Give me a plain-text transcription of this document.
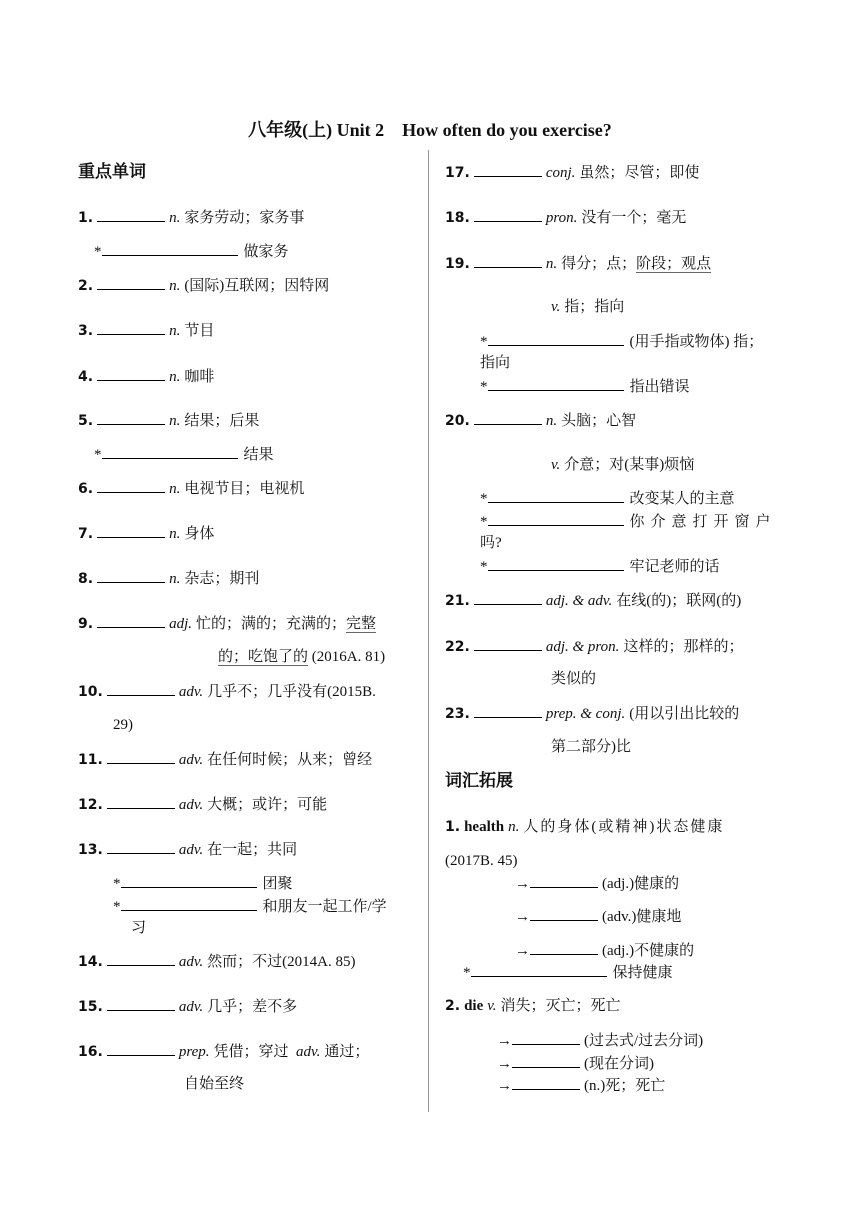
八年级(上) Unit 2　How often do you exercise?
重点单词
1.	n. 家务劳动；家务事
*	做家务
2.	n. (国际)互联网；因特网
3.	n. 节目
4.	n. 咖啡
5.	n. 结果；后果
*	结果
6.	n. 电视节目；电视机
7.	n. 身体
8.	n. 杂志；期刊
9.	adj. 忙的；满的；充满的；完整
的；吃饱了的 (2016A. 81)
10.	adv. 几乎不；几乎没有(2015B.
29)
11.	adv. 在任何时候；从来；曾经
12.	adv. 大概；或许；可能
13.	adv. 在一起；共同
*	团聚
*	和朋友一起工作/学
习
14.	adv. 然而；不过(2014A. 85)
15.	adv. 几乎；差不多
16.	prep. 凭借；穿过 adv. 通过；
自始至终
17.	conj. 虽然；尽管；即使
18.	pron. 没有一个；毫无
19.	n. 得分；点；阶段；观点
v. 指；指向
*	(用手指或物体) 指；
指向
*	指出错误
20.	n. 头脑；心智
v. 介意；对(某事)烦恼
*	改变某人的主意
*	你介意打开窗户
吗?
*	牢记老师的话
21.	adj. & adv. 在线(的)；联网(的)
22.	adj. & pron. 这样的；那样的；
类似的
23.	prep. & conj. (用以引出比较的
第二部分)比
词汇拓展
1. health n. 人的身体(或精神)状态健康
(2017B. 45)
→	(adj.)健康的
→	(adv.)健康地
→	(adj.)不健康的
*	保持健康
2. die v. 消失；灭亡；死亡
→	(过去式/过去分词)
→	(现在分词)
→	(n.)死；死亡
